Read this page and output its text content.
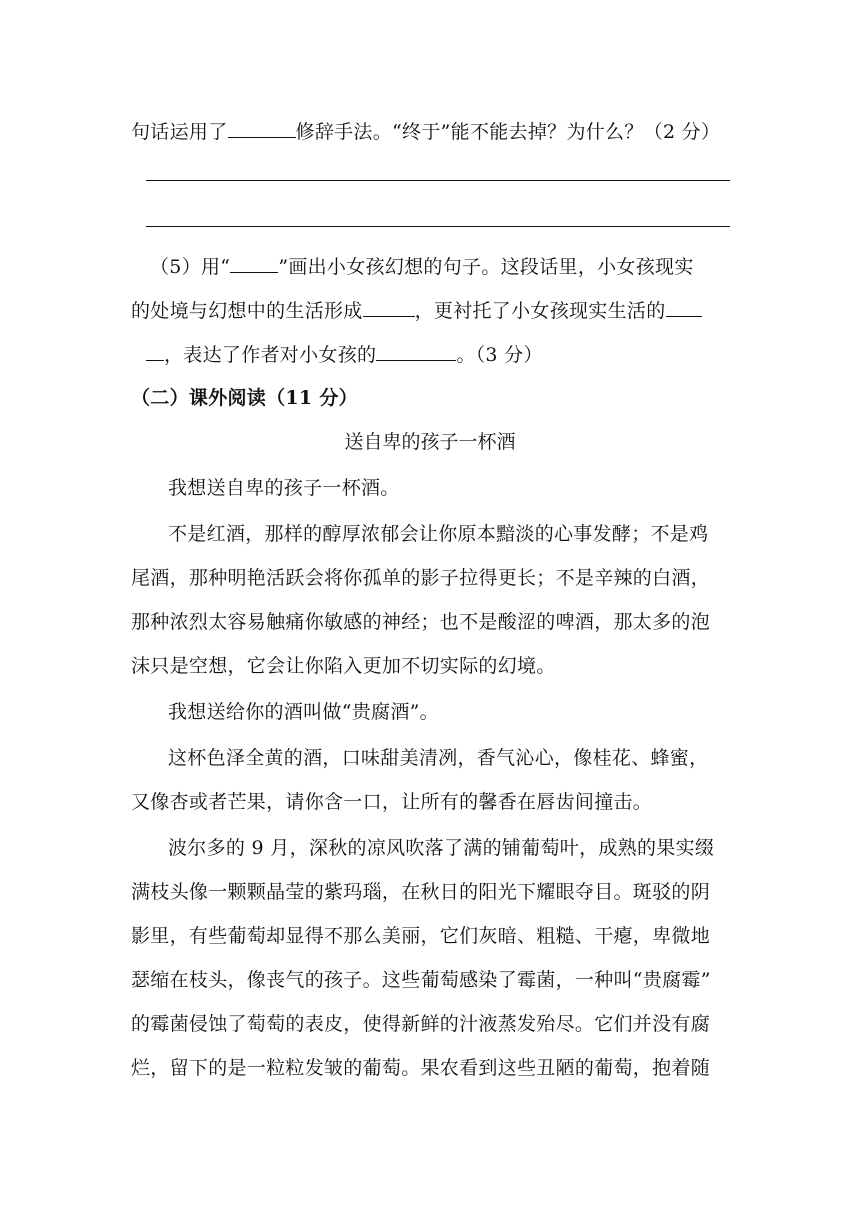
句话运用了	修辞手法。“终于”能不能去掉？为什么？（2 分）
（5）用“	”画出小女孩幻想的句子。这段话里，小女孩现实
的处境与幻想中的生活形成	，更衬托了小女孩现实生活的
，表达了作者对小女孩的	。（3 分）
（二）课外阅读（11 分）
送自卑的孩子一杯酒
我想送自卑的孩子一杯酒。
不是红酒，那样的醇厚浓郁会让你原本黯淡的心事发酵；不是鸡
尾酒，那种明艳活跃会将你孤单的影子拉得更长；不是辛辣的白酒，
那种浓烈太容易触痛你敏感的神经；也不是酸涩的啤酒，那太多的泡
沫只是空想，它会让你陷入更加不切实际的幻境。
我想送给你的酒叫做“贵腐酒”。
这杯色泽全黄的酒，口味甜美清冽，香气沁心，像桂花、蜂蜜，
又像杏或者芒果，请你含一口，让所有的馨香在唇齿间撞击。
波尔多的 9 月，深秋的凉风吹落了满的铺葡萄叶，成熟的果实缀
满枝头像一颗颗晶莹的紫玛瑙，在秋日的阳光下耀眼夺目。斑驳的阴
影里，有些葡萄却显得不那么美丽，它们灰暗、粗糙、干瘪，卑微地
瑟缩在枝头，像丧气的孩子。这些葡萄感染了霉菌，一种叫“贵腐霉”
的霉菌侵蚀了萄萄的表皮，使得新鲜的汁液蒸发殆尽。它们并没有腐
烂，留下的是一粒粒发皱的葡萄。果农看到这些丑陋的葡萄，抱着随
